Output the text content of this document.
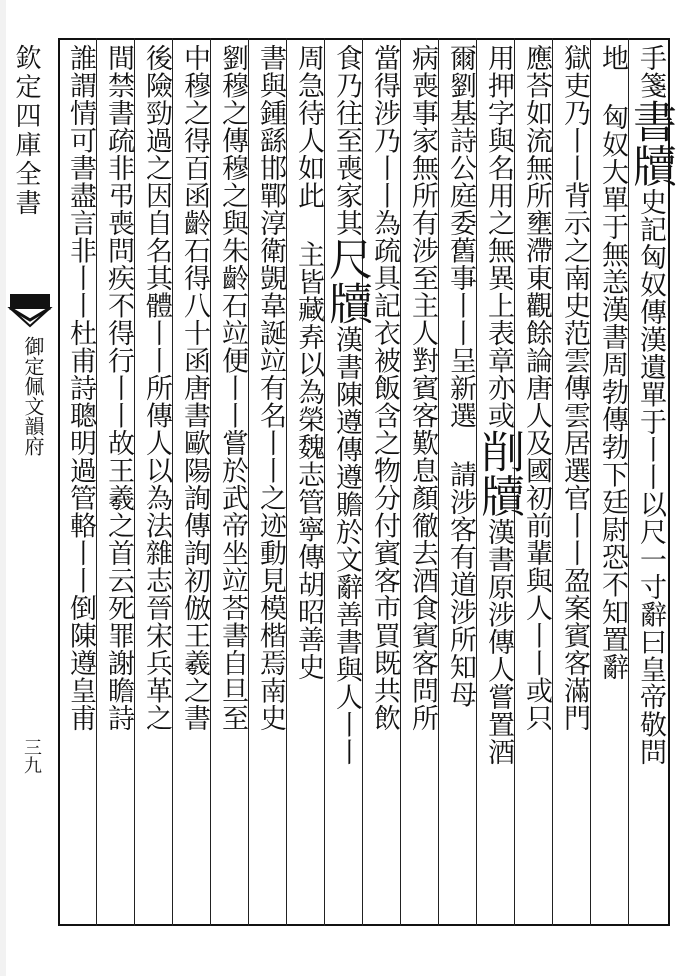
欽定四庫全書
御定佩文韻府
三九
手箋書牘史記匈奴傳漢遺單于丨丨以尺一寸辭曰皇帝敬問
地 匈奴大單于無恙漢書周勃傳勃下廷尉恐不知置辭
獄吏乃丨丨背示之南史范雲傳雲居選官丨丨盈案賓客滿門
應荅如流無所壅滯東觀餘論唐人及國初前輩與人丨丨或只
用押字與名用之無異上表章亦或削牘漢書原涉傳人嘗置酒
爾劉基詩公庭委舊事丨丨呈新選 請涉客有道涉所知母
病喪事家無所有涉至主人對賓客歎息顏徹去酒食賓客問所
當得涉乃丨丨為疏具記衣被飯含之物分付賓客市買既共飲
食乃往至喪家其尺牘漢書陳遵傳遵贍於文辭善書與人丨丨
周急待人如此 主皆藏弆以為榮魏志管寧傳胡昭善史
書與鍾繇邯鄲淳衛覬韋誕竝有名丨丨之迹動見模楷焉南史
劉穆之傳穆之與朱齡石竝便丨丨嘗於武帝坐竝荅書自旦至
中穆之得百函齡石得八十函唐書歐陽詢傳詢初倣王羲之書
後險勁過之因自名其體丨丨所傳人以為法雜志晉宋兵革之
間禁書疏非弔喪問疾不得行丨丨故王羲之首云死罪謝瞻詩
誰謂情可書盡言非丨丨杜甫詩聰明過管輅丨丨倒陳遵皇甫
